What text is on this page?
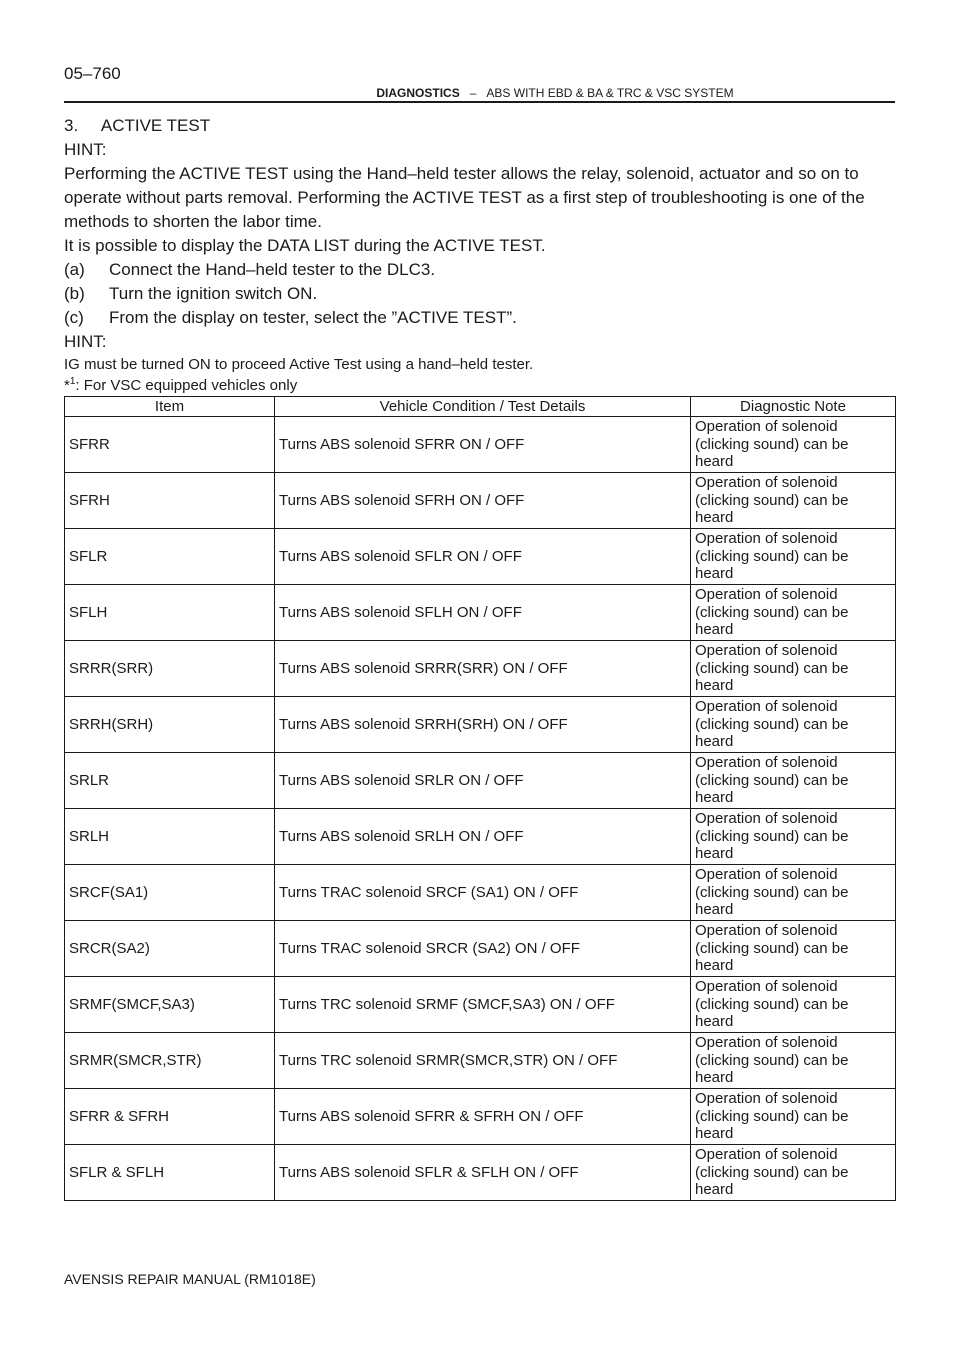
05–760
DIAGNOSTICS – ABS WITH EBD & BA & TRC & VSC SYSTEM

3.     ACTIVE TEST

HINT:

Performing the ACTIVE TEST using the Hand–held tester allows the relay, solenoid, actuator and so on to

operate without parts removal. Performing the ACTIVE TEST as a first step of troubleshooting is one of the

methods to shorten the labor time.

It is possible to display the DATA LIST during the ACTIVE TEST.

(a) Connect the Hand–held tester to the DLC3.

(b) Turn the ignition switch ON.

(c) From the display on tester, select the ”ACTIVE TEST”.

HINT:

IG must be turned ON to proceed Active Test using a hand–held tester.

*$^1$: For VSC equipped vehicles only

Item	Vehicle Condition / Test Details	Diagnostic Note
SFRR	Turns ABS solenoid SFRR ON / OFF	Operation of solenoid
(clicking sound) can be
heard

SFRH	Turns ABS solenoid SFRH ON / OFF	Operation of solenoid
(clicking sound) can be
heard

SFLR	Turns ABS solenoid SFLR ON / OFF	Operation of solenoid
(clicking sound) can be
heard

SFLH	Turns ABS solenoid SFLH ON / OFF	Operation of solenoid
(clicking sound) can be
heard

SRRR(SRR)	Turns ABS solenoid SRRR(SRR) ON / OFF	Operation of solenoid
(clicking sound) can be
heard

SRRH(SRH)	Turns ABS solenoid SRRH(SRH) ON / OFF	Operation of solenoid
(clicking sound) can be
heard

SRLR	Turns ABS solenoid SRLR ON / OFF	Operation of solenoid
(clicking sound) can be
heard

SRLH	Turns ABS solenoid SRLH ON / OFF	Operation of solenoid
(clicking sound) can be
heard

SRCF(SA1)	Turns TRAC solenoid SRCF (SA1) ON / OFF	Operation of solenoid
(clicking sound) can be
heard

SRCR(SA2)	Turns TRAC solenoid SRCR (SA2) ON / OFF	Operation of solenoid
(clicking sound) can be
heard

SRMF(SMCF,SA3)	Turns TRC solenoid SRMF (SMCF,SA3) ON / OFF	Operation of solenoid
(clicking sound) can be
heard

SRMR(SMCR,STR)	Turns TRC solenoid SRMR(SMCR,STR) ON / OFF	Operation of solenoid
(clicking sound) can be
heard

SFRR & SFRH	Turns ABS solenoid SFRR & SFRH ON / OFF	Operation of solenoid
(clicking sound) can be
heard

SFLR & SFLH	Turns ABS solenoid SFLR & SFLH ON / OFF	Operation of solenoid
(clicking sound) can be
heard
AVENSIS REPAIR MANUAL (RM1018E)
